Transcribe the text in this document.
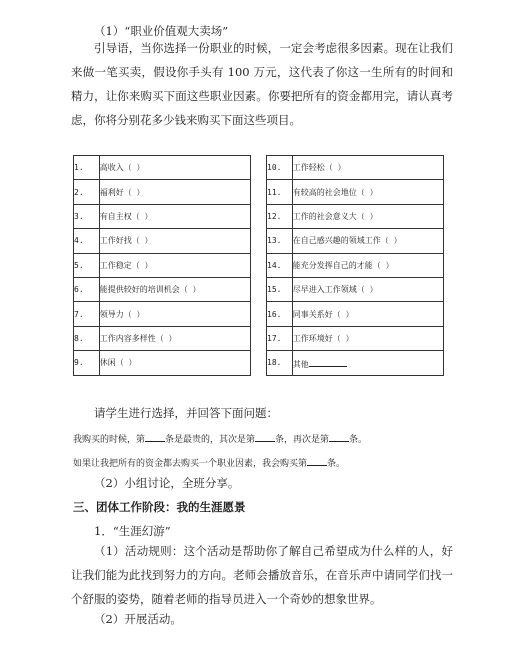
（1）“职业价值观大卖场”
引导语，当你选择一份职业的时候，一定会考虑很多因素。现在让我们来做一笔买卖，假设你手头有 100 万元，这代表了你这一生所有的时间和精力，让你来购买下面这些职业因素。你要把所有的资金都用完，请认真考虑，你将分别花多少钱来购买下面这些项目。
1.	高收入（ ）		10.	工作轻松（ ）
2.	福利好（ ）		11.	有较高的社会地位（ ）
3.	有自主权（ ）		12.	工作的社会意义大（ ）
4.	工作好找（ ）		13.	在自己感兴趣的领域工作（ ）
5.	工作稳定（ ）		14.	能充分发挥自己的才能（ ）
6.	能提供较好的培训机会（ ）		15.	尽早进入工作领域（ ）
7.	领导力（ ）		16.	同事关系好（ ）
8.	工作内容多样性（ ）		17.	工作环境好（ ）
9.	休闲（ ）		18.	其他
请学生进行选择，并回答下面问题：
我购买的时候，第 条是最贵的，其次是第 条，再次是第 条。
如果让我把所有的资金都去购买一个职业因素，我会购买第 条。
（2）小组讨论，全班分享。
三、团体工作阶段：我的生涯愿景
1．“生涯幻游”
（1）活动规则：这个活动是帮助你了解自己希望成为什么样的人，好让我们能为此找到努力的方向。老师会播放音乐，在音乐声中请同学们找一个舒服的姿势，随着老师的指导员进入一个奇妙的想象世界。
（2）开展活动。
